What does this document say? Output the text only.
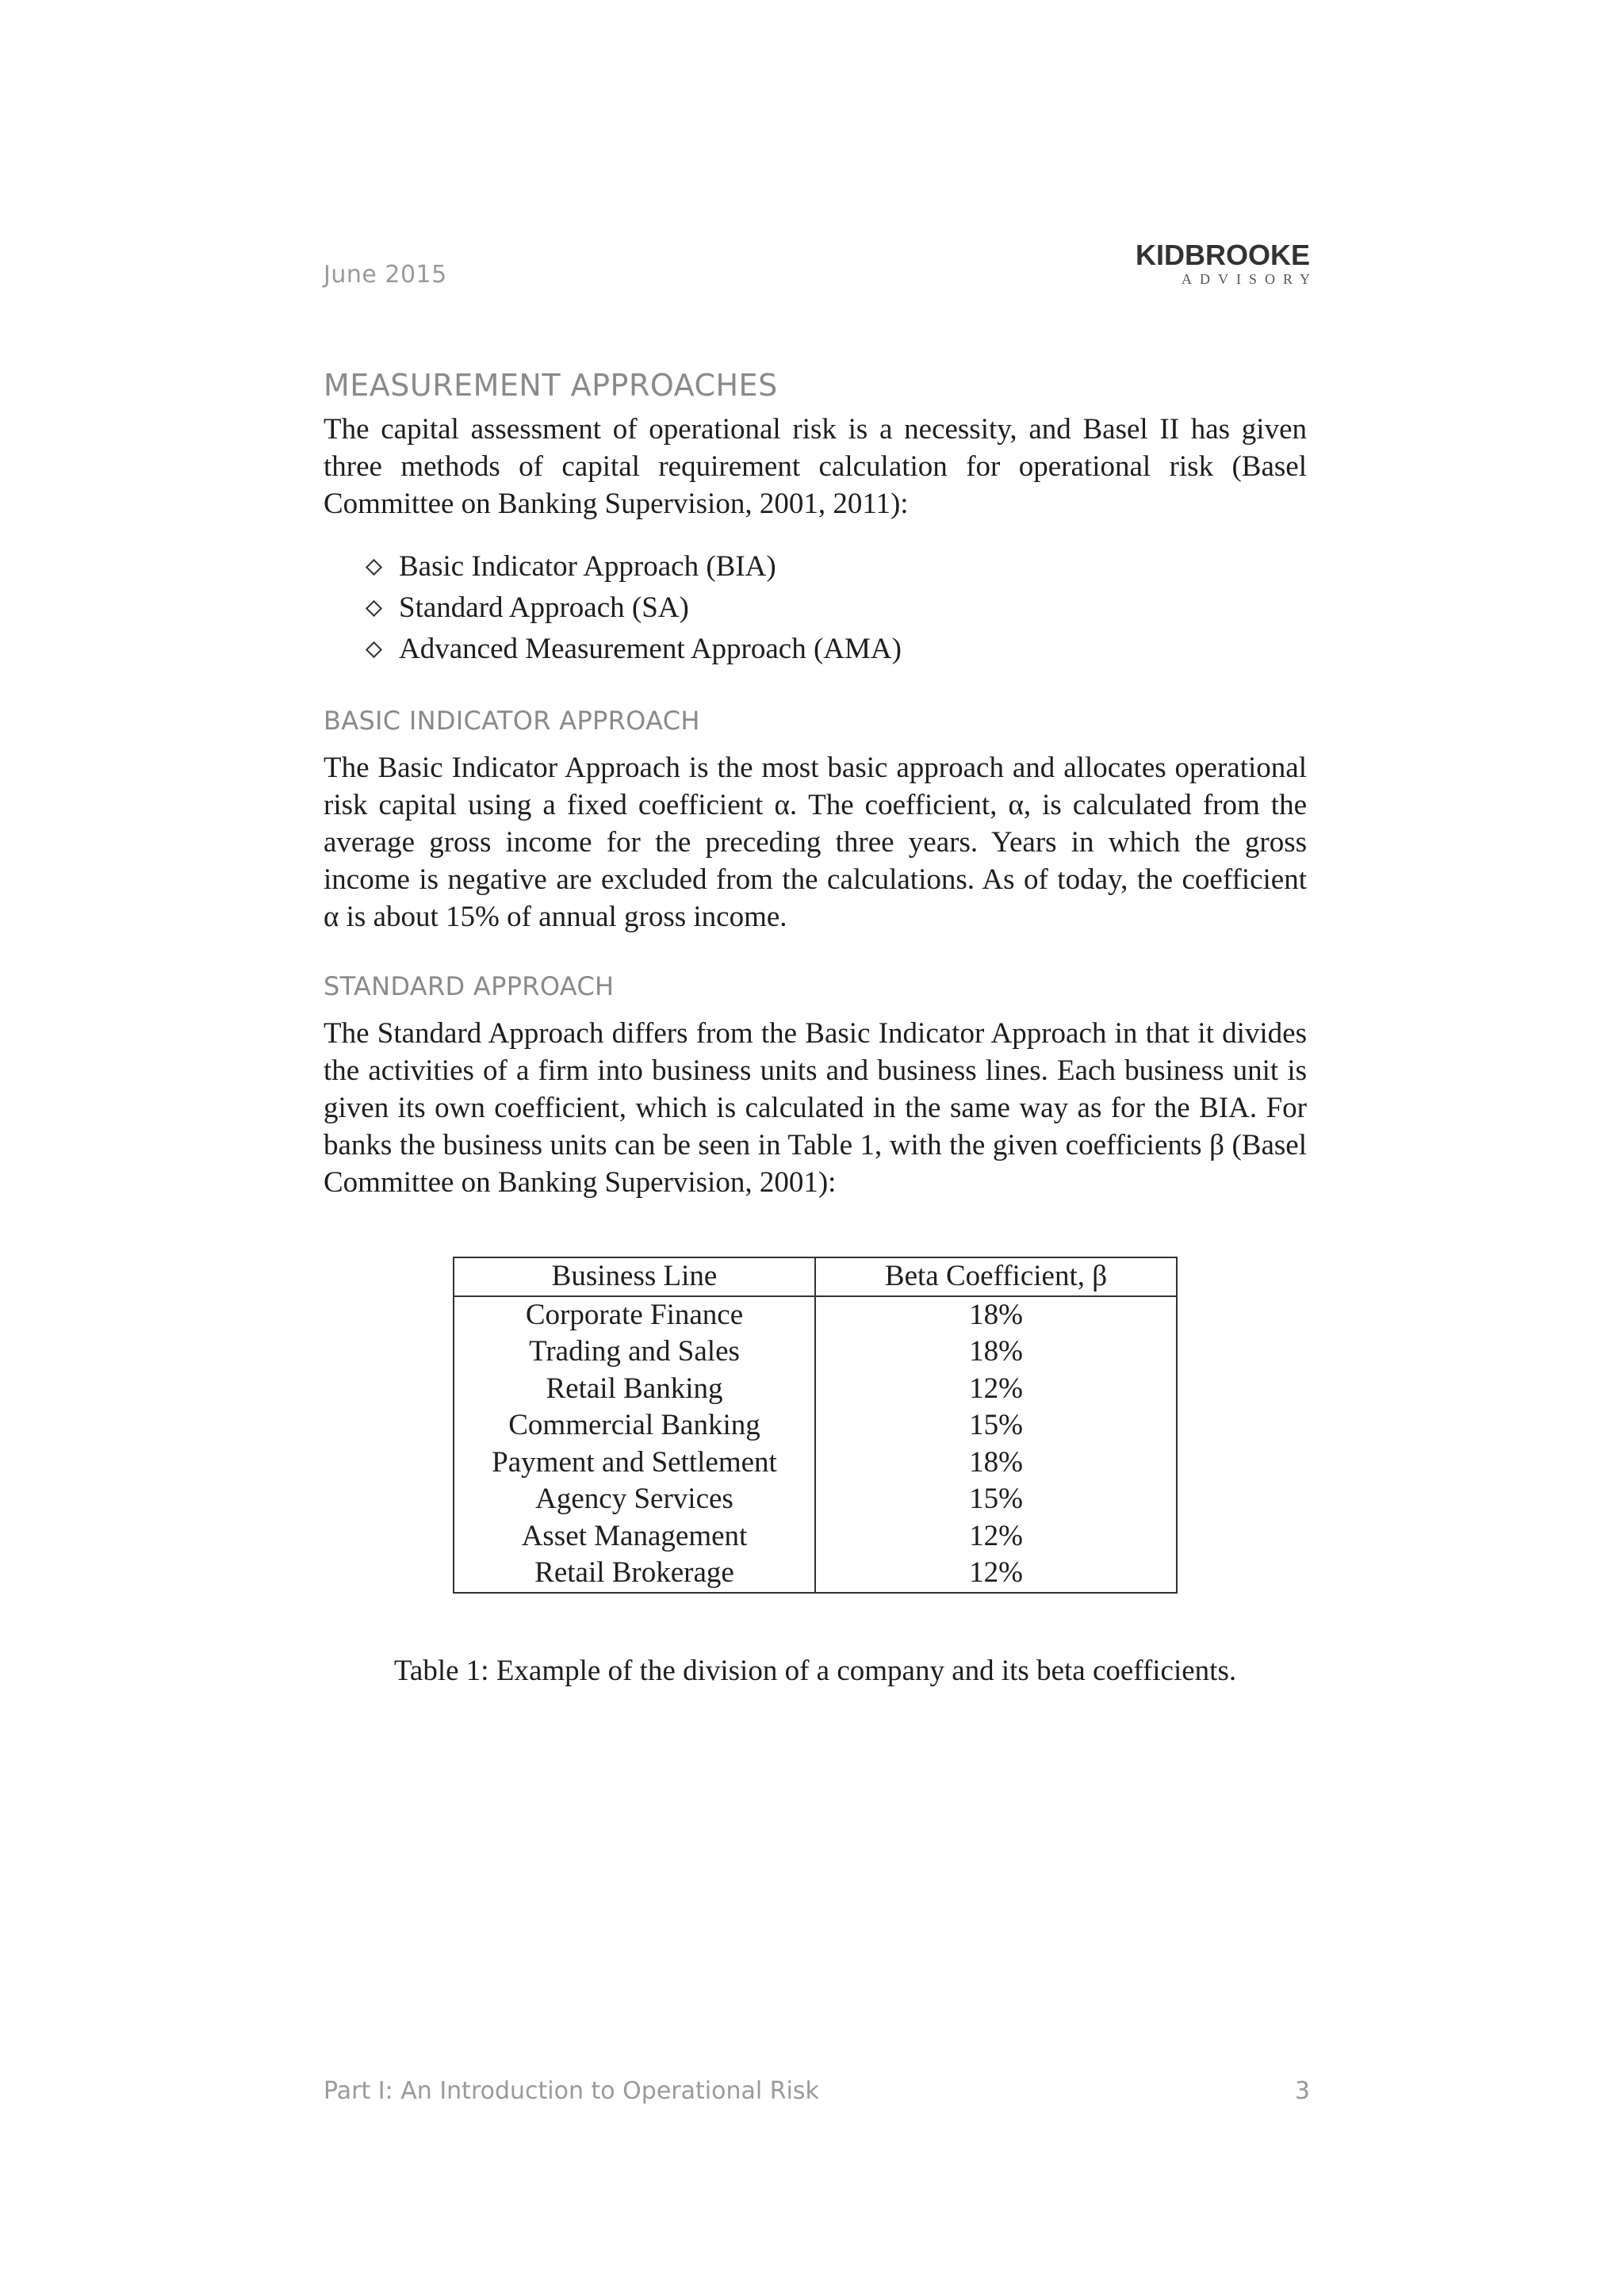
June 2015
KIDBROOKE
ADVISORY
MEASUREMENT APPROACHES

The capital assessment of operational risk is a necessity, and Basel II has given three methods of capital requirement calculation for operational risk (Basel Committee on Banking Supervision, 2001, 2011):

Basic Indicator Approach (BIA)
Standard Approach (SA)
Advanced Measurement Approach (AMA)
BASIC INDICATOR APPROACH

The Basic Indicator Approach is the most basic approach and allocates operational risk capital using a fixed coefficient α. The coefficient, α, is calculated from the average gross income for the preceding three years. Years in which the gross income is negative are excluded from the calculations. As of today, the coefficient α is about 15% of annual gross income.

STANDARD APPROACH

The Standard Approach differs from the Basic Indicator Approach in that it divides the activities of a firm into business units and business lines. Each business unit is given its own coefficient, which is calculated in the same way as for the BIA. For banks the business units can be seen in Table 1, with the given coefficients β (Basel Committee on Banking Supervision, 2001):

Business Line	Beta Coefficient, β
Corporate Finance	18%
Trading and Sales	18%
Retail Banking	12%
Commercial Banking	15%
Payment and Settlement	18%
Agency Services	15%
Asset Management	12%
Retail Brokerage	12%
Table 1: Example of the division of a company and its beta coefficients.
Part I: An Introduction to Operational Risk	3
